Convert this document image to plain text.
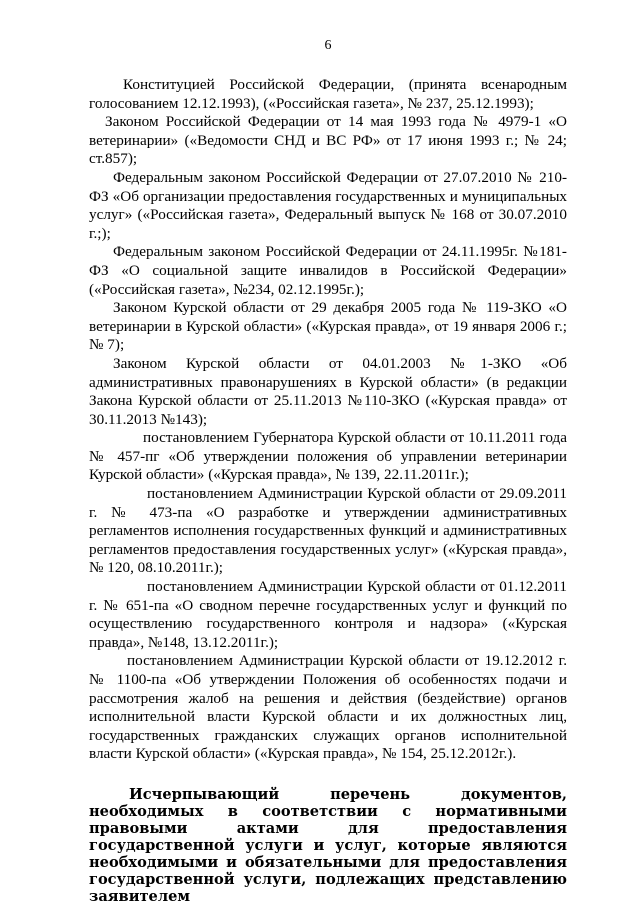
6

Конституцией Российской Федерации, (принята всенародным голосованием 12.12.1993), («Российская газета», № 237, 25.12.1993);

Законом Российской Федерации от 14 мая 1993 года № 4979-1 «О ветеринарии» («Ведомости СНД и ВС РФ» от 17 июня 1993 г.; № 24; ст.857);

Федеральным законом Российской Федерации от 27.07.2010 № 210-ФЗ «Об организации предоставления государственных и муниципальных услуг» («Российская газета», Федеральный выпуск № 168 от 30.07.2010 г.;);

Федеральным законом Российской Федерации от 24.11.1995г. №181-ФЗ «О социальной защите инвалидов в Российской Федерации» («Российская газета», №234, 02.12.1995г.);

Законом Курской области от 29 декабря 2005 года № 119-ЗКО «О ветеринарии в Курской области» («Курская правда», от 19 января 2006 г.; № 7);

Законом Курской области от 04.01.2003 №1-ЗКО «Об административных правонарушениях в Курской области» (в редакции Закона Курской области от 25.11.2013 №110-ЗКО («Курская правда» от 30.11.2013 №143);

постановлением Губернатора Курской области от 10.11.2011 года № 457-пг «Об утверждении положения об управлении ветеринарии Курской области» («Курская правда», № 139, 22.11.2011г.);

постановлением Администрации Курской области от 29.09.2011 г. № 473-па «О разработке и утверждении административных регламентов исполнения государственных функций и административных регламентов предоставления государственных услуг» («Курская правда», № 120, 08.10.2011г.);

постановлением Администрации Курской области от 01.12.2011 г. № 651-па «О сводном перечне государственных услуг и функций по осуществлению государственного контроля и надзора» («Курская правда», №148, 13.12.2011г.);

постановлением Администрации Курской области от 19.12.2012 г. № 1100-па «Об утверждении Положения об особенностях подачи и рассмотрения жалоб на решения и действия (бездействие) органов исполнительной власти Курской области и их должностных лиц, государственных гражданских служащих органов исполнительной власти Курской области» («Курская правда», № 154, 25.12.2012г.).

Исчерпывающий перечень документов, необходимых в соответствии с нормативными правовыми актами для предоставления государственной услуги и услуг, которые являются необходимыми и обязательными для предоставления государственной услуги, подлежащих представлению заявителем
